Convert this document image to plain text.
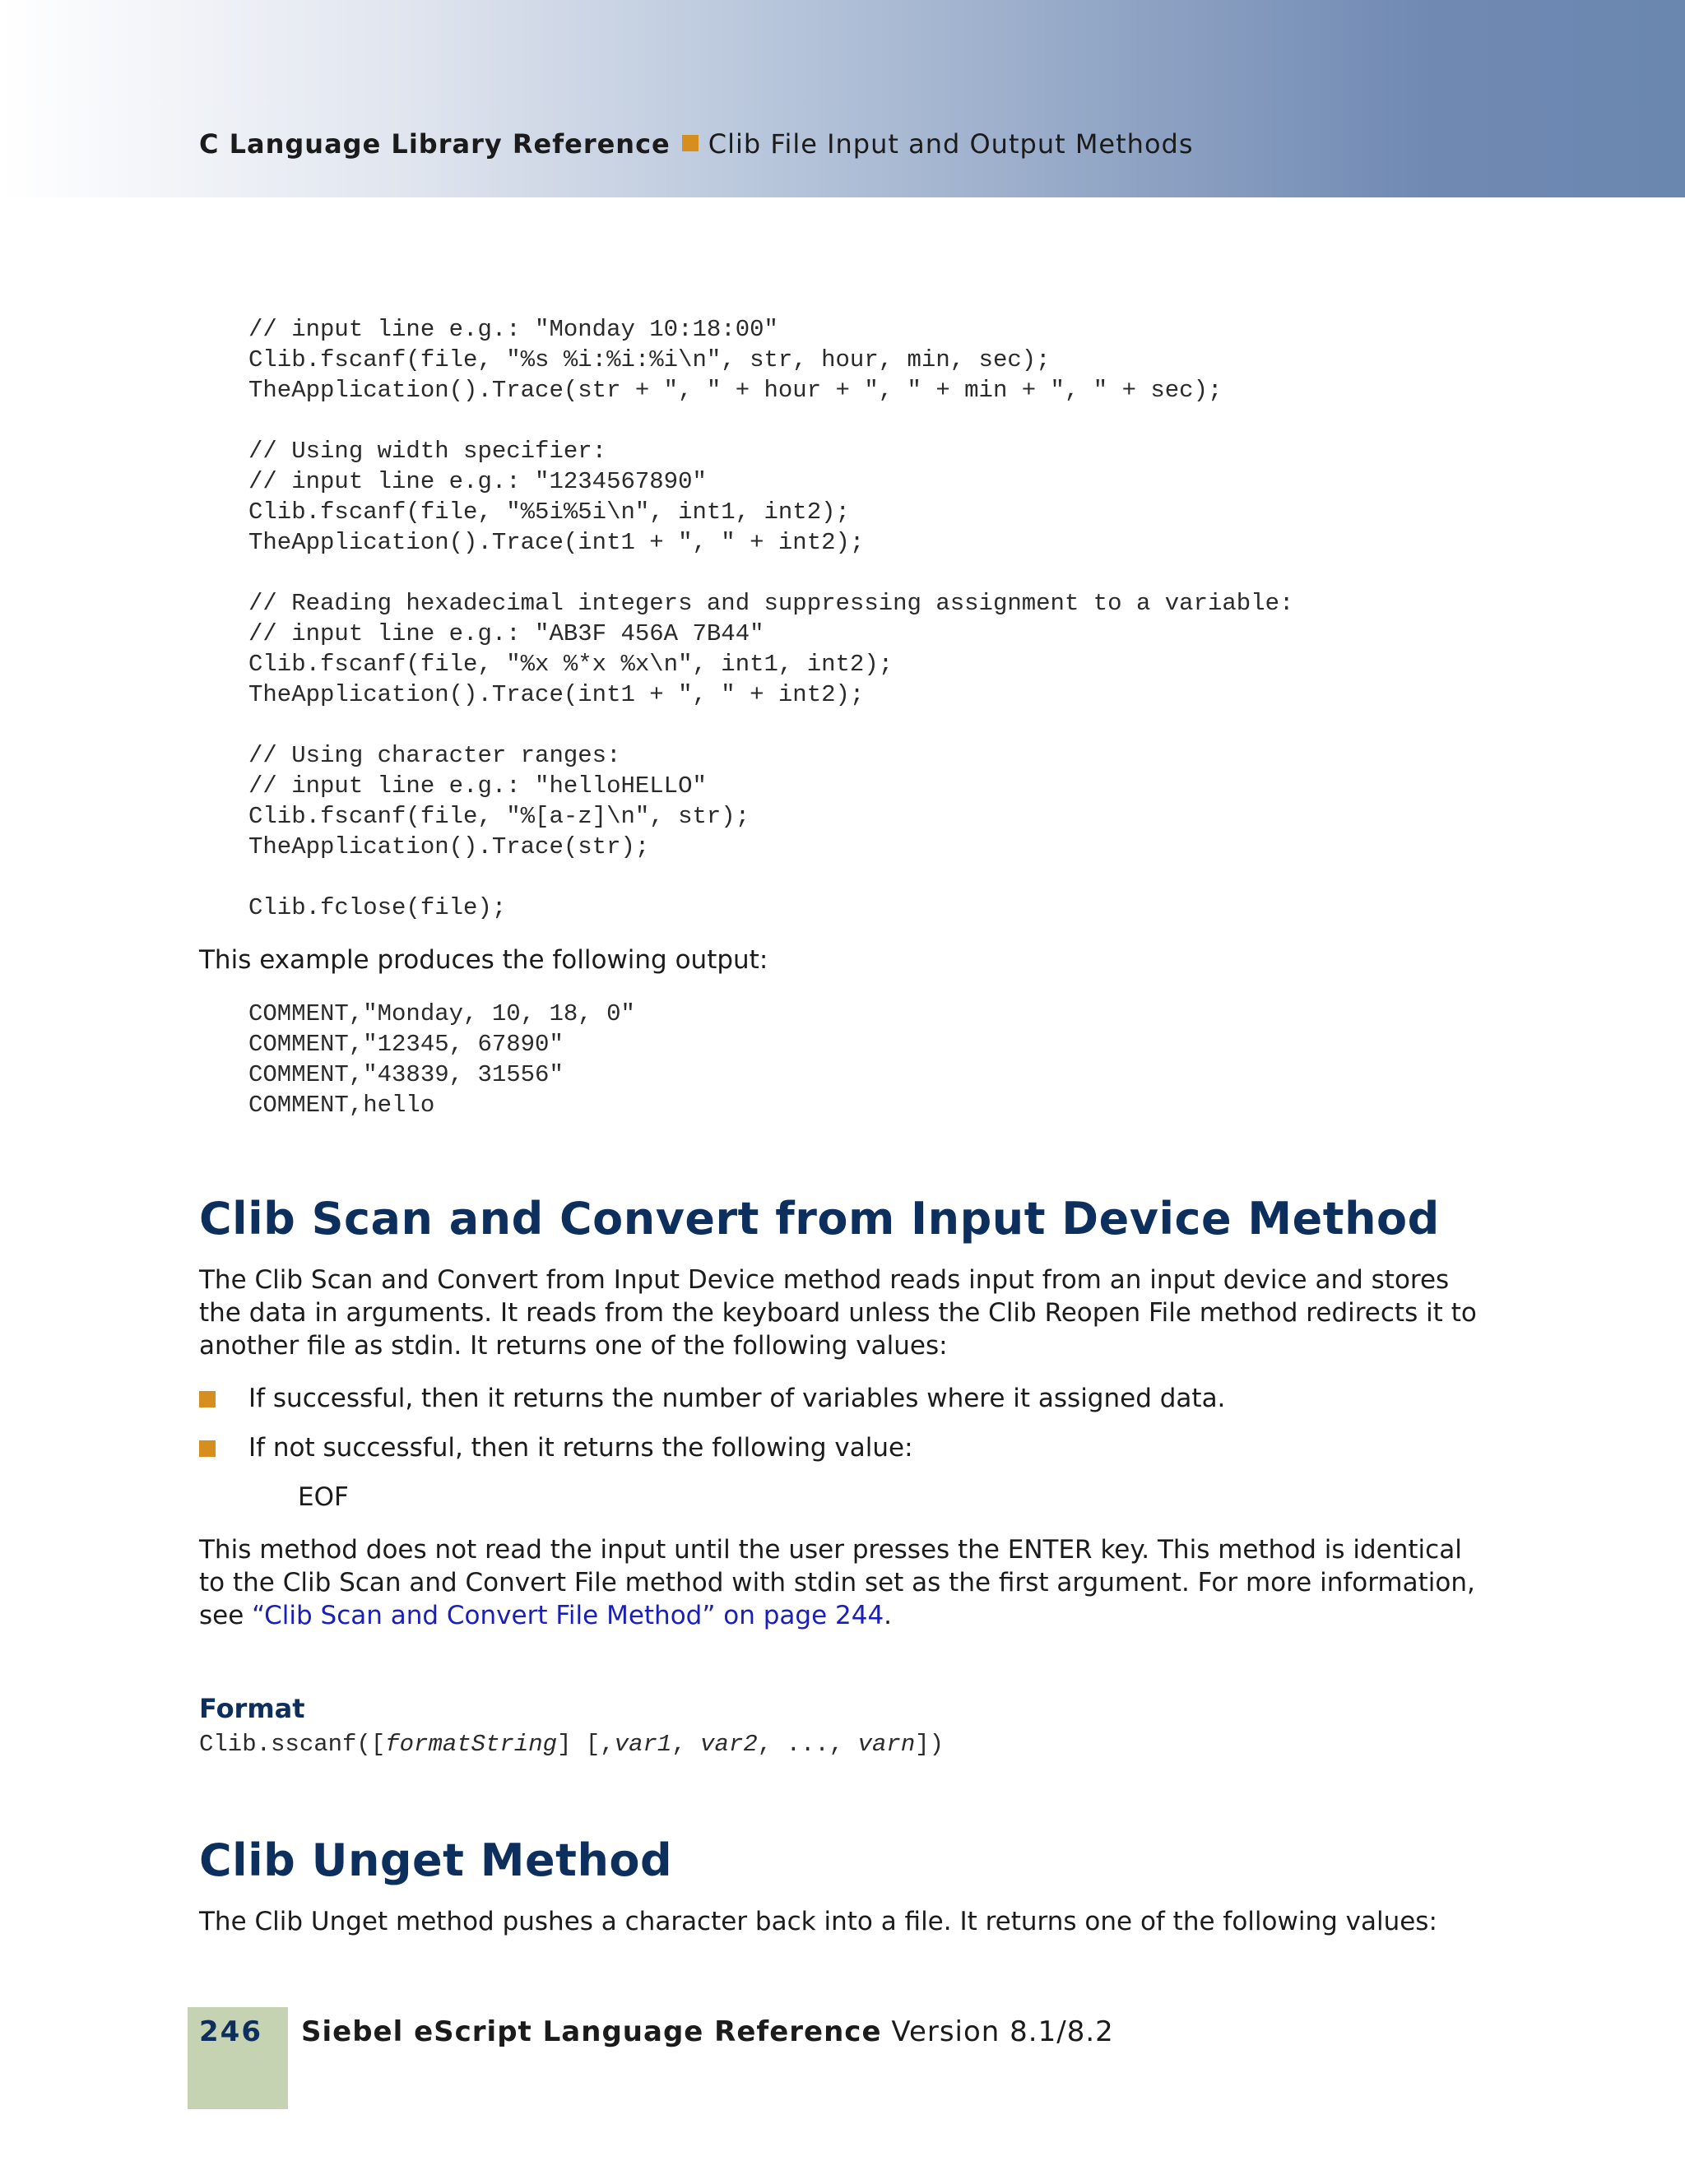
C Language Library Reference Clib File Input and Output Methods
// input line e.g.: "Monday 10:18:00"
Clib.fscanf(file, "%s %i:%i:%i\n", str, hour, min, sec);
TheApplication().Trace(str + ", " + hour + ", " + min + ", " + sec);

// Using width specifier:
// input line e.g.: "1234567890"
Clib.fscanf(file, "%5i%5i\n", int1, int2);
TheApplication().Trace(int1 + ", " + int2);

// Reading hexadecimal integers and suppressing assignment to a variable:
// input line e.g.: "AB3F 456A 7B44"
Clib.fscanf(file, "%x %*x %x\n", int1, int2);
TheApplication().Trace(int1 + ", " + int2);

// Using character ranges:
// input line e.g.: "helloHELLO"
Clib.fscanf(file, "%[a-z]\n", str);
TheApplication().Trace(str);

Clib.fclose(file);

This example produces the following output:

COMMENT,"Monday, 10, 18, 0"
COMMENT,"12345, 67890"
COMMENT,"43839, 31556"
COMMENT,hello
Clib Scan and Convert from Input Device Method

The Clib Scan and Convert from Input Device method reads input from an input device and stores the data in arguments. It reads from the keyboard unless the Clib Reopen File method redirects it to another file as stdin. It returns one of the following values:

If successful, then it returns the number of variables where it assigned data.
If not successful, then it returns the following value:
EOF

This method does not read the input until the user presses the ENTER key. This method is identical to the Clib Scan and Convert File method with stdin set as the first argument. For more information, see “Clib Scan and Convert File Method” on page 244.

Format
Clib.sscanf([formatString] [,var1, var2, ..., varn])
Clib Unget Method

The Clib Unget method pushes a character back into a file. It returns one of the following values:

246 Siebel eScript Language Reference Version 8.1/8.2
